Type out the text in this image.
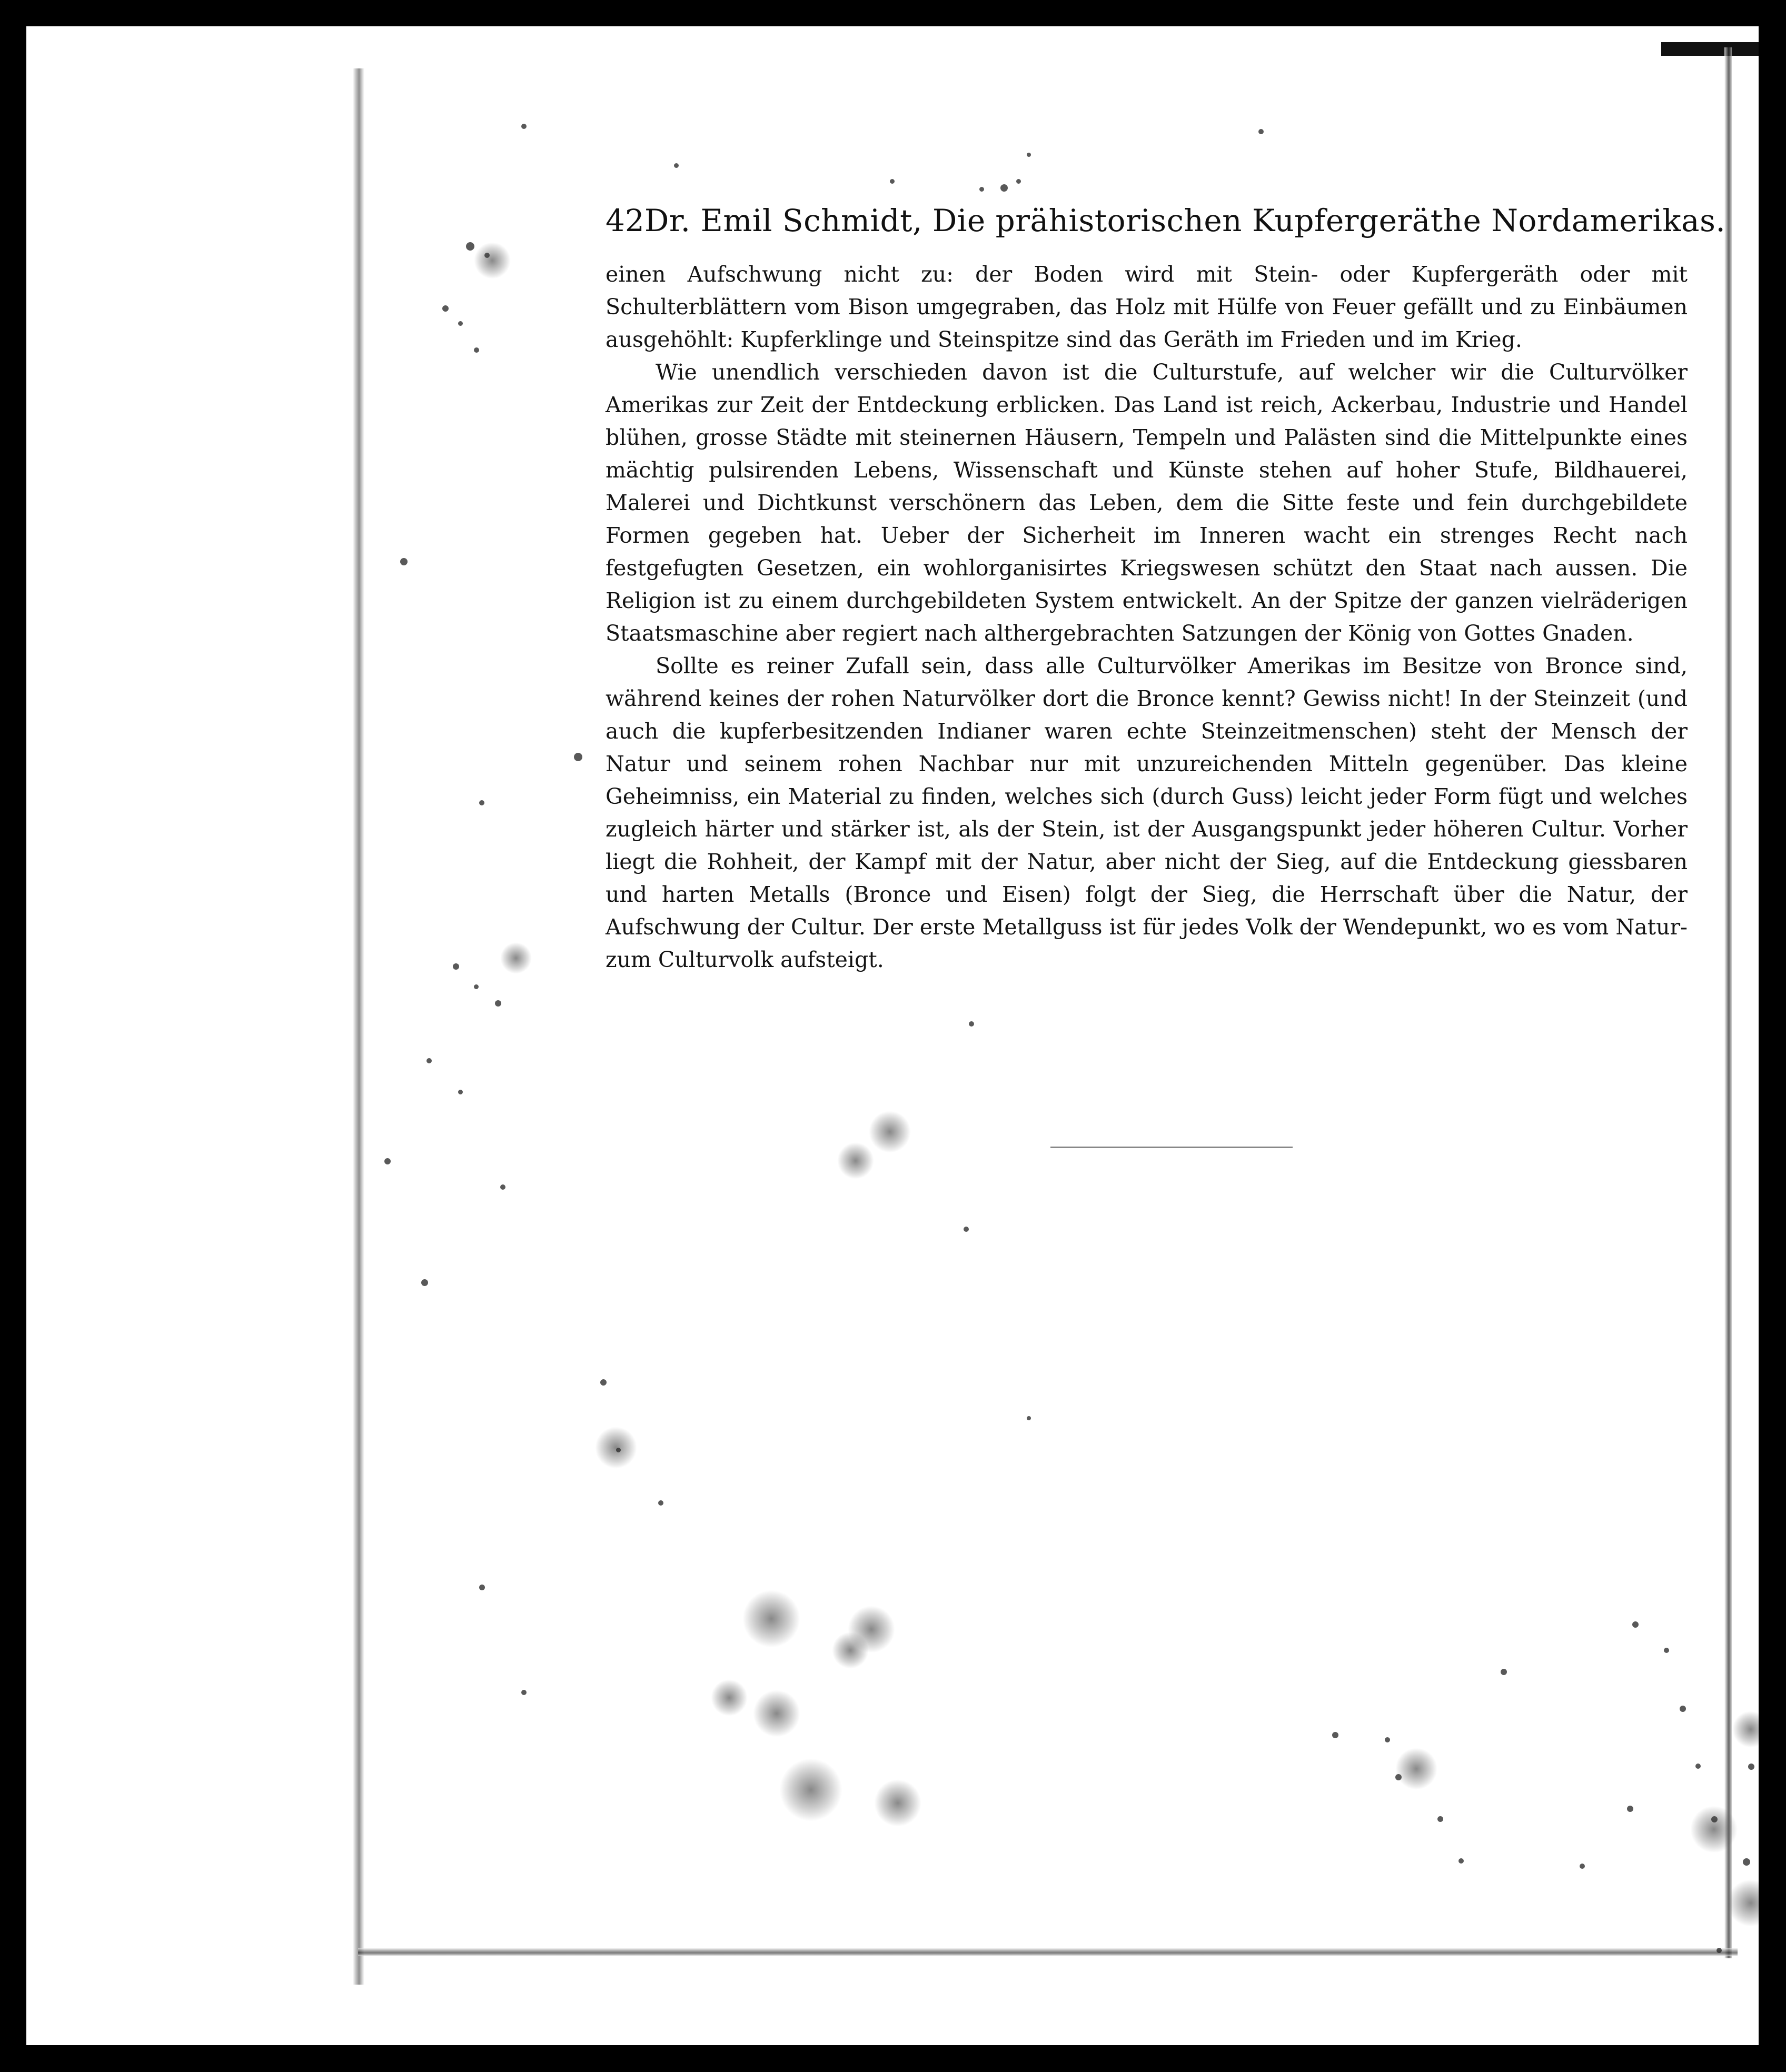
42 Dr. Emil Schmidt, Die prähistorischen Kupfergeräthe Nordamerikas.

einen Aufschwung nicht zu: der Boden wird mit Stein- oder Kupfergeräth oder mit Schulterblättern vom Bison umgegraben, das Holz mit Hülfe von Feuer gefällt und zu Einbäumen ausgehöhlt: Kupferklinge und Steinspitze sind das Geräth im Frieden und im Krieg.

Wie unendlich verschieden davon ist die Culturstufe, auf welcher wir die Culturvölker Amerikas zur Zeit der Entdeckung erblicken. Das Land ist reich, Ackerbau, Industrie und Handel blühen, grosse Städte mit steinernen Häusern, Tempeln und Palästen sind die Mittelpunkte eines mächtig pulsirenden Lebens, Wissenschaft und Künste stehen auf hoher Stufe, Bildhauerei, Malerei und Dichtkunst verschönern das Leben, dem die Sitte feste und fein durchgebildete Formen gegeben hat. Ueber der Sicherheit im Inneren wacht ein strenges Recht nach festgefugten Gesetzen, ein wohlorganisirtes Kriegswesen schützt den Staat nach aussen. Die Religion ist zu einem durchgebildeten System entwickelt. An der Spitze der ganzen vielräderigen Staatsmaschine aber regiert nach althergebrachten Satzungen der König von Gottes Gnaden.

Sollte es reiner Zufall sein, dass alle Culturvölker Amerikas im Besitze von Bronce sind, während keines der rohen Naturvölker dort die Bronce kennt? Gewiss nicht! In der Steinzeit (und auch die kupferbesitzenden Indianer waren echte Steinzeitmenschen) steht der Mensch der Natur und seinem rohen Nachbar nur mit unzureichenden Mitteln gegenüber. Das kleine Geheimniss, ein Material zu finden, welches sich (durch Guss) leicht jeder Form fügt und welches zugleich härter und stärker ist, als der Stein, ist der Ausgangspunkt jeder höheren Cultur. Vorher liegt die Rohheit, der Kampf mit der Natur, aber nicht der Sieg, auf die Entdeckung giessbaren und harten Metalls (Bronce und Eisen) folgt der Sieg, die Herrschaft über die Natur, der Aufschwung der Cultur. Der erste Metallguss ist für jedes Volk der Wendepunkt, wo es vom Natur- zum Culturvolk aufsteigt.
